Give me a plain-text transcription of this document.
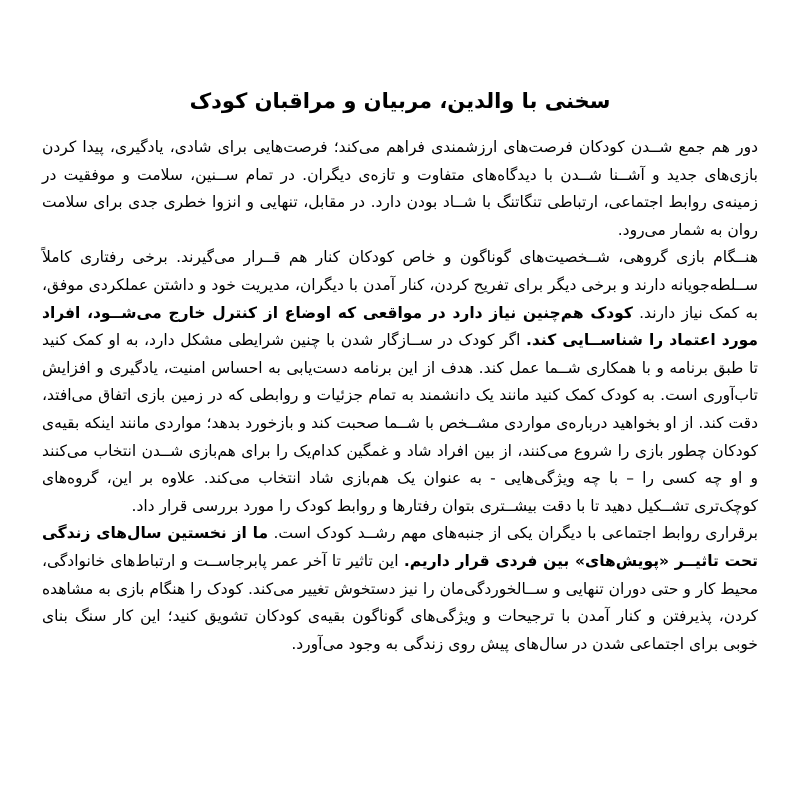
سخنی با والدین، مربیان و مراقبان کودک

دور هم جمع شــدن کودکان فرصت‌های ارزشمندی فراهم می‌کند؛ فرصت‌هایی برای شادی، یادگیری، پیدا کردن بازی‌های جدید و آشــنا شــدن با دیدگاه‌های متفاوت و تازه‌ی دیگران. در تمام ســنین، سلامت و موفقیت در زمینه‌ی روابط اجتماعی، ارتباطی تنگاتنگ با شــاد بودن دارد. در مقابل، تنهایی و انزوا خطری جدی برای سلامت روان به شمار می‌رود.

هنــگام بازی گروهی، شــخصیت‌های گوناگون و خاص کودکان کنار هم قــرار می‌گیرند. برخی رفتاری کاملاً ســلطه‌جویانه دارند و برخی دیگر برای تفریح کردن، کنار آمدن با دیگران، مدیریت خود و داشتن عملکردی موفق، به کمک نیاز دارند. کودک هم‌چنین نیاز دارد در مواقعی که اوضاع از کنترل خارج می‌شــود، افراد مورد اعتماد را شناســایی کند. اگر کودک در ســازگار شدن با چنین شرایطی مشکل دارد، به او کمک کنید تا طبق برنامه و با همکاری شــما عمل کند. هدف از این برنامه دست‌یابی به احساس امنیت، یادگیری و افزایش تاب‌آوری است. به کودک کمک کنید مانند یک دانشمند به تمام جزئیات و روابطی که در زمین بازی اتفاق می‌افتد، دقت کند. از او بخواهید درباره‌ی مواردی مشــخص با شــما صحبت کند و بازخورد بدهد؛ مواردی مانند اینکه بقیه‌ی کودکان چطور بازی را شروع می‌کنند، از بین افراد شاد و غمگین کدام‌یک را برای هم‌بازی شــدن انتخاب می‌کنند و او چه کسی را – با چه ویژگی‌هایی - به عنوان یک هم‌بازی شاد انتخاب می‌کند. علاوه بر این، گروه‌های کوچک‌تری تشــکیل دهید تا با دقت بیشــتری بتوان رفتارها و روابط کودک را مورد بررسی قرار داد.

برقراری روابط اجتماعی با دیگران یکی از جنبه‌های مهم رشــد کودک است. ما از نخستین سال‌های زندگی تحت تاثیــر «پویش‌های» بین فردی قرار داریم. این تاثیر تا آخر عمر پابرجاســت و ارتباط‌های خانوادگی، محیط کار و حتی دوران تنهایی و ســالخوردگی‌مان را نیز دستخوش تغییر می‌کند. کودک را هنگام بازی به مشاهده کردن، پذیرفتن و کنار آمدن با ترجیحات و ویژگی‌های گوناگون بقیه‌ی کودکان تشویق کنید؛ این کار سنگ بنای خوبی برای اجتماعی شدن در سال‌های پیش روی زندگی به وجود می‌آورد.
